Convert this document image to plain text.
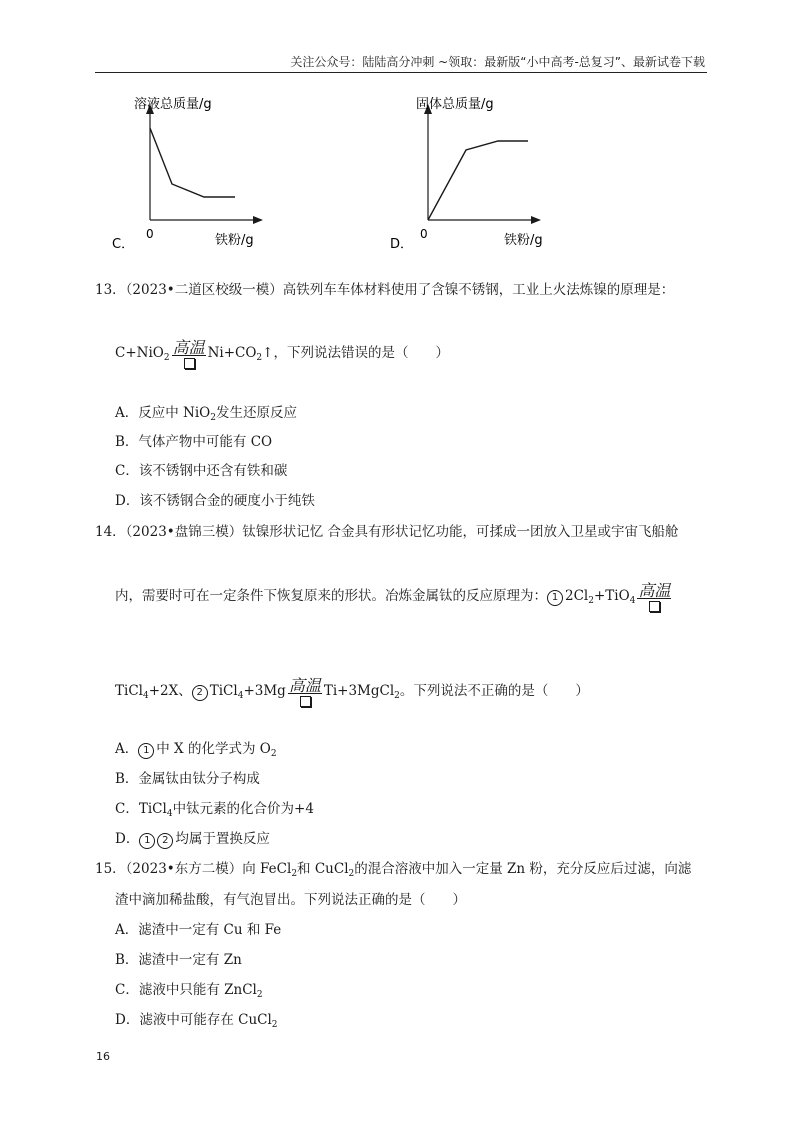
关注公众号：陆陆高分冲刺 ~领取：最新版“小中高考-总复习”、最新试卷下载
溶液总质量/g
0	铁粉/g
C．
固体总质量/g
0	铁粉/g
D．
13．（2023•二道区校级一模）高铁列车车体材料使用了含镍不锈钢，工业上火法炼镍的原理是：
C+NiO$_2$
高温 $Ni+CO_2↑$，下列说法错误的是（　　）
A．反应中 NiO$_2$发生还原反应
B．气体产物中可能有 CO
C．该不锈钢中还含有铁和碳
D．该不锈钢合金的硬度小于纯铁
14．（2023•盘锦三模）钛镍形状记忆 合金具有形状记忆功能，可揉成一团放入卫星或宇宙飞船舱
内，需要时可在一定条件下恢复原来的形状。冶炼金属钛的反应原理为： 1 $2Cl_2+TiO_4$
高温
TiCl$_4$+2X、 2 TiCl$_4$+3Mg 高温 Ti+3MgCl$_2$。下列说法不正确的是（　　）
A． 1 中 X 的化学式为 $O_2$
B．金属钛由钛分子构成
C．TiCl$_4$中钛元素的化合价为+4
D． 1 2 均属于置换反应
15．（2023•东方二模）向 FeCl$_2$和 CuCl$_2$的混合溶液中加入一定量 Zn 粉，充分反应后过滤，向滤
渣中滴加稀盐酸，有气泡冒出。下列说法正确的是（　　）
A．滤渣中一定有 Cu 和 Fe
B．滤渣中一定有 Zn
C．滤液中只能有 ZnCl$_2$
D．滤液中可能存在 CuCl$_2$
16
